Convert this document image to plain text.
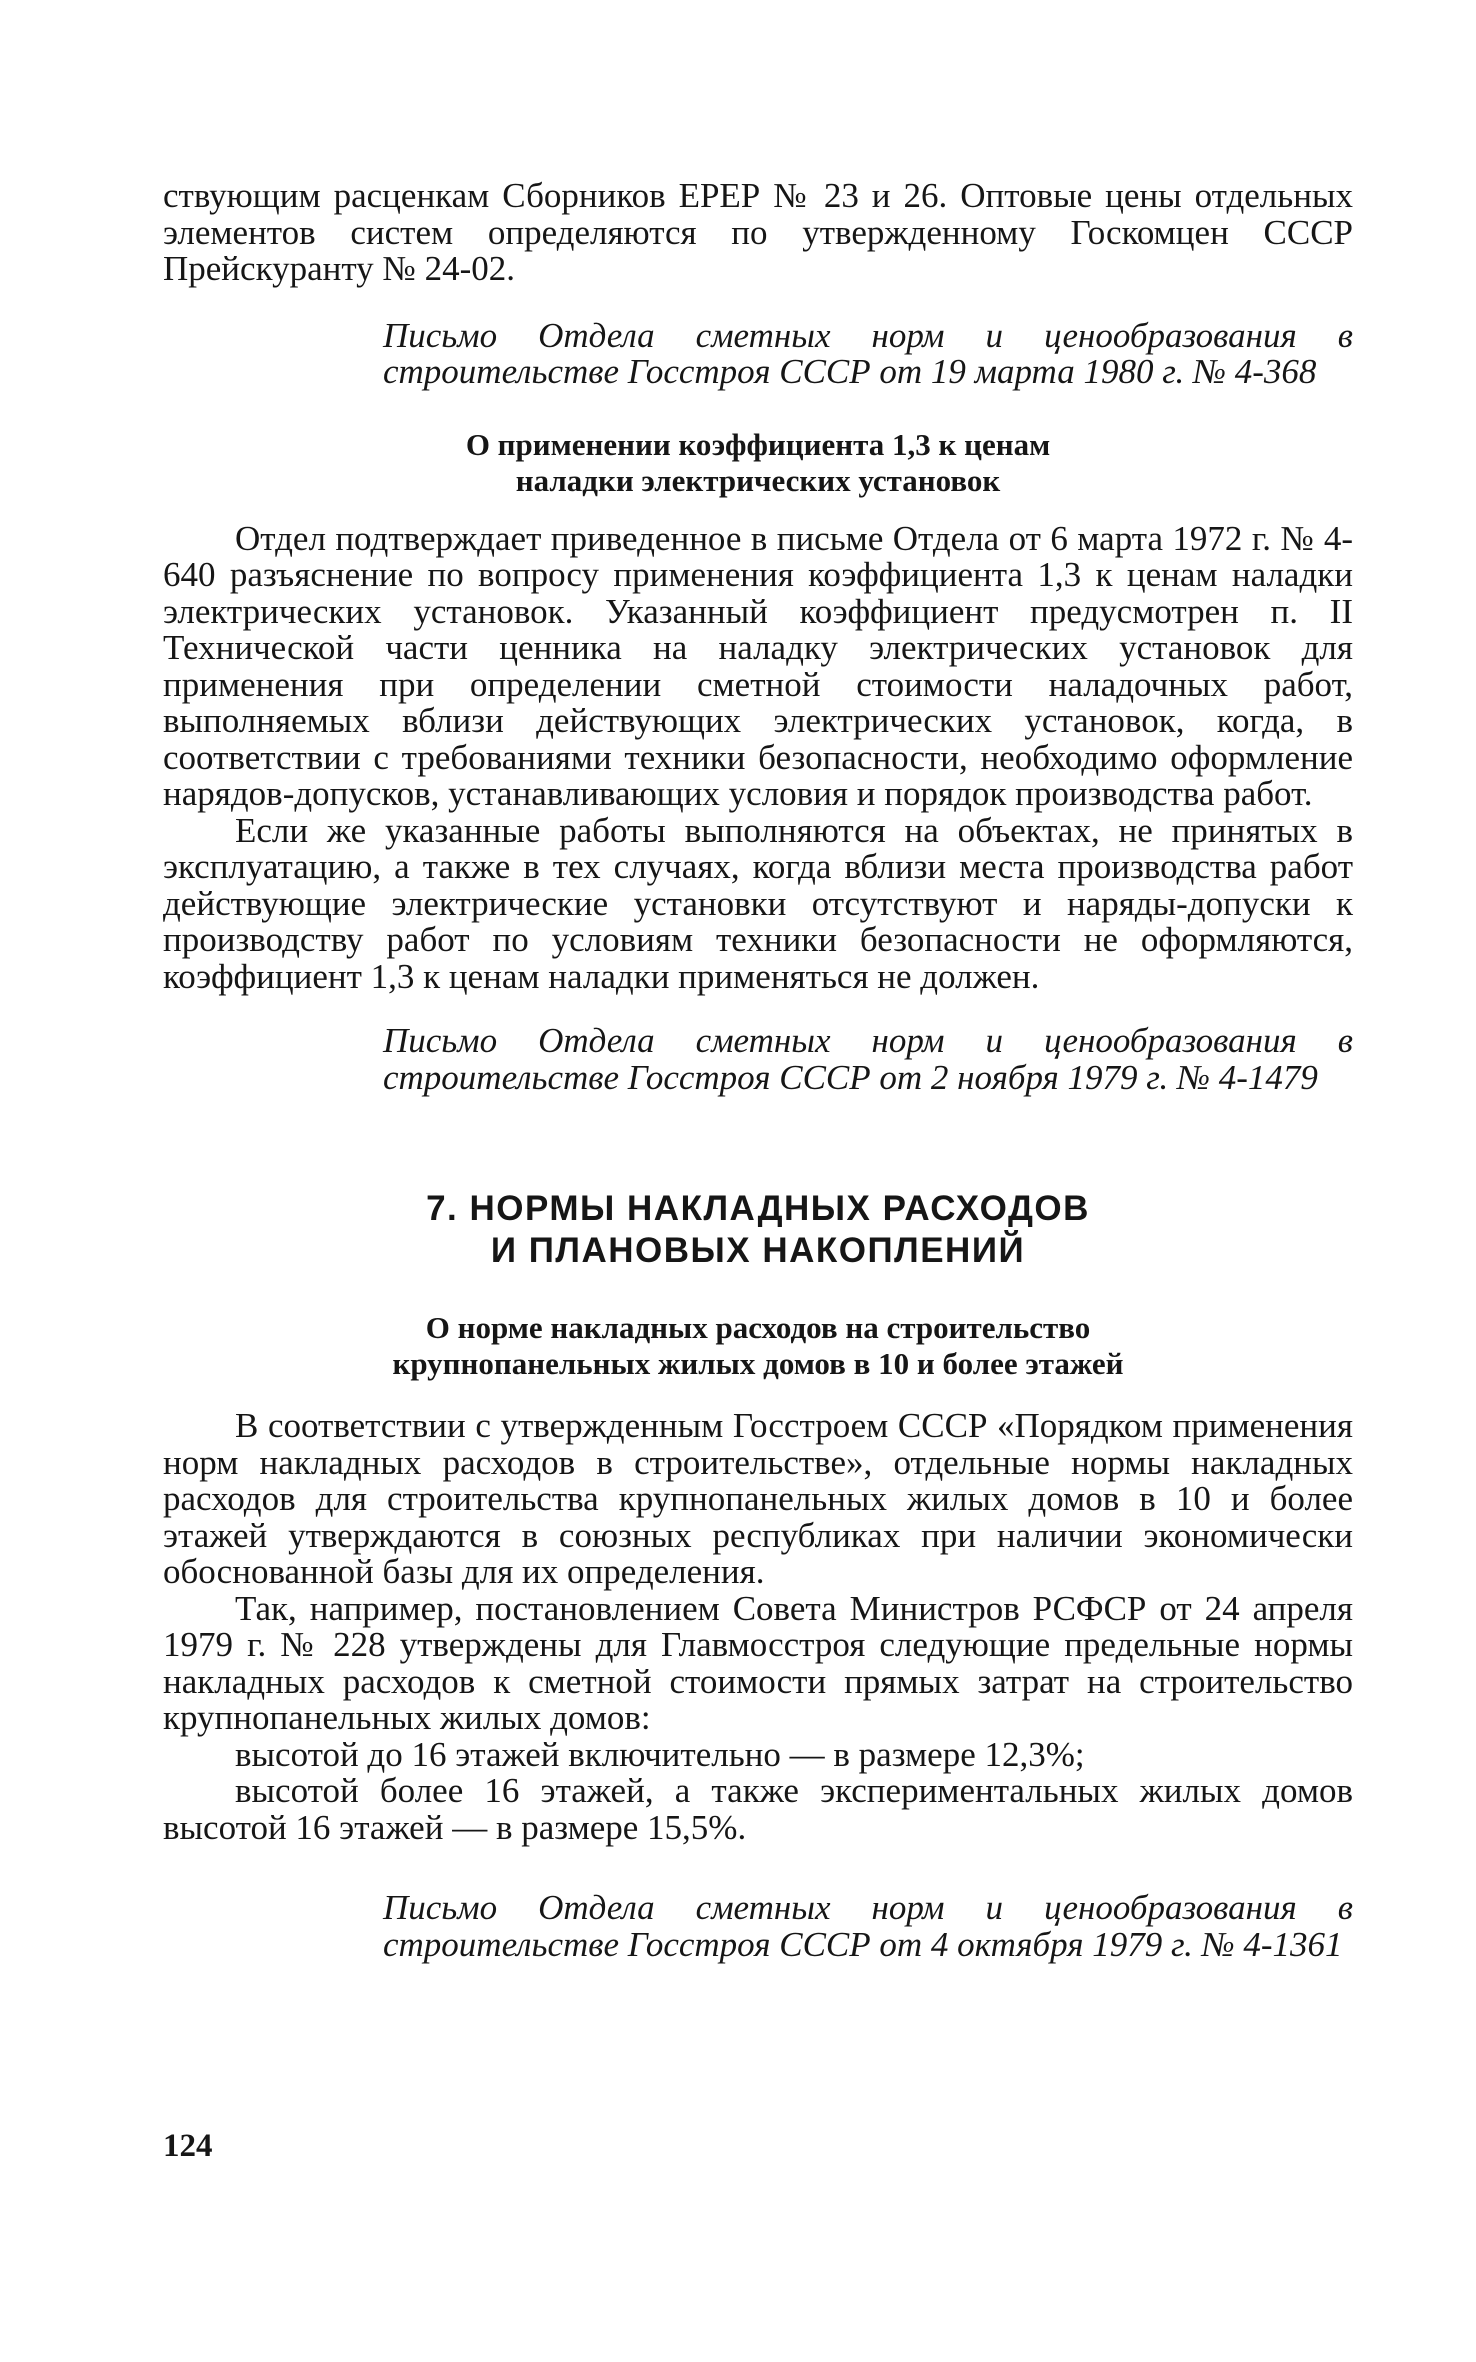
ствующим расценкам Сборников ЕРЕР № 23 и 26. Оптовые цены отдельных элементов систем определяются по утвержденному Госкомцен СССР Прейскуранту № 24-02.

Письмо Отдела сметных норм и ценообразования в строительстве Госстроя СССР от 19 марта 1980 г. № 4-368

О применении коэффициента 1,3 к ценам
наладки электрических установок

Отдел подтверждает приведенное в письме Отдела от 6 марта 1972 г. № 4-640 разъяснение по вопросу применения коэффициента 1,3 к ценам наладки электрических установок. Указанный коэффициент предусмотрен п. II Технической части ценника на наладку электрических установок для применения при определении сметной стоимости наладочных работ, выполняемых вблизи действующих электрических установок, когда, в соответствии с требованиями техники безопасности, необходимо оформление нарядов-допусков, устанавливающих условия и порядок производства работ.

Если же указанные работы выполняются на объектах, не принятых в эксплуатацию, а также в тех случаях, когда вблизи места производства работ действующие электрические установки отсутствуют и наряды-допуски к производству работ по условиям техники безопасности не оформляются, коэффициент 1,3 к ценам наладки применяться не должен.

Письмо Отдела сметных норм и ценообразования в строительстве Госстроя СССР от 2 ноября 1979 г. № 4-1479

7. НОРМЫ НАКЛАДНЫХ РАСХОДОВ
И ПЛАНОВЫХ НАКОПЛЕНИЙ
О норме накладных расходов на строительство
крупнопанельных жилых домов в 10 и более этажей

В соответствии с утвержденным Госстроем СССР «Порядком применения норм накладных расходов в строительстве», отдельные нормы накладных расходов для строительства крупнопанельных жилых домов в 10 и более этажей утверждаются в союзных республиках при наличии экономически обоснованной базы для их определения.

Так, например, постановлением Совета Министров РСФСР от 24 апреля 1979 г. № 228 утверждены для Главмосстроя следующие предельные нормы накладных расходов к сметной стоимости прямых затрат на строительство крупнопанельных жилых домов:

высотой до 16 этажей включительно — в размере 12,3%;

высотой более 16 этажей, а также экспериментальных жилых домов высотой 16 этажей — в размере 15,5%.

Письмо Отдела сметных норм и ценообразования в строительстве Госстроя СССР от 4 октября 1979 г. № 4-1361

124
